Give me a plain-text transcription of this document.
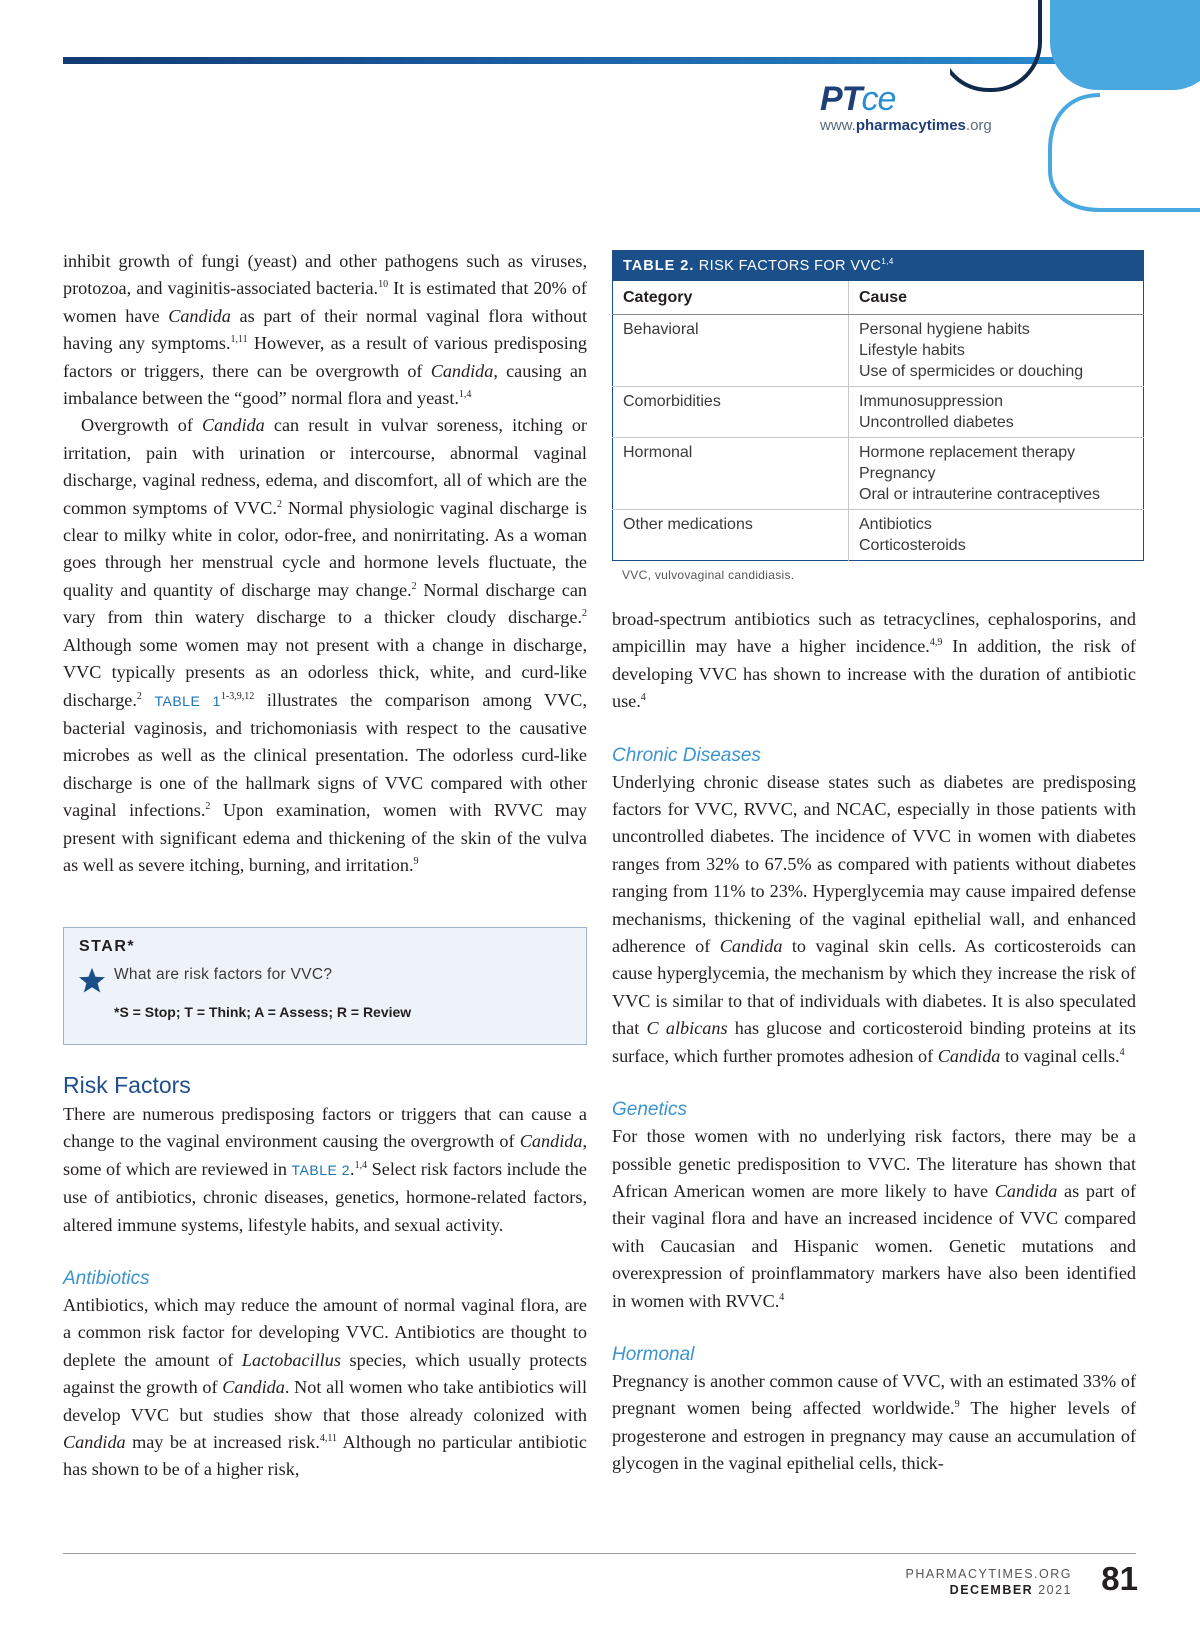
PTce
www.pharmacytimes.org

inhibit growth of fungi (yeast) and other pathogens such as viruses, protozoa, and vaginitis-associated bacteria.$^{10}$ It is estimated that 20% of women have Candida as part of their normal vaginal flora without having any symptoms.$^{1,11}$ However, as a result of various predisposing factors or triggers, there can be overgrowth of Candida, causing an imbalance between the “good” normal flora and yeast.$^{1,4}$

Overgrowth of Candida can result in vulvar soreness, itching or irritation, pain with urination or intercourse, abnormal vaginal discharge, vaginal redness, edema, and discomfort, all of which are the common symptoms of VVC.$^2$ Normal physiologic vaginal discharge is clear to milky white in color, odor-free, and nonirritating. As a woman goes through her menstrual cycle and hormone levels fluctuate, the quality and quantity of discharge may change.$^2$ Normal discharge can vary from thin watery discharge to a thicker cloudy discharge.$^2$ Although some women may not present with a change in discharge, VVC typically presents as an odorless thick, white, and curd-like discharge.$^2$ TABLE 1$^{1-3,9,12}$ illustrates the comparison among VVC, bacterial vaginosis, and trichomoniasis with respect to the causative microbes as well as the clinical presentation. The odorless curd-like discharge is one of the hallmark signs of VVC compared with other vaginal infections.$^2$ Upon examination, women with RVVC may present with significant edema and thickening of the skin of the vulva as well as severe itching, burning, and irritation.$^9$

STAR*
What are risk factors for VVC?
*S = Stop; T = Think; A = Assess; R = Review
Risk Factors

There are numerous predisposing factors or triggers that can cause a change to the vaginal environment causing the overgrowth of Candida, some of which are reviewed in TABLE 2.$^{1,4}$ Select risk factors include the use of antibiotics, chronic diseases, genetics, hormone-related factors, altered immune systems, lifestyle habits, and sexual activity.

Antibiotics

Antibiotics, which may reduce the amount of normal vaginal flora, are a common risk factor for developing VVC. Antibiotics are thought to deplete the amount of Lactobacillus species, which usually protects against the growth of Candida. Not all women who take antibiotics will develop VVC but studies show that those already colonized with Candida may be at increased risk.$^{4,11}$ Although no particular antibiotic has shown to be of a higher risk,

TABLE 2. RISK FACTORS FOR VVC$^{1,4}$
Category	Cause
Behavioral	Personal hygiene habits
Lifestyle habits
Use of spermicides or douching

Comorbidities	Immunosuppression
Uncontrolled diabetes

Hormonal	Hormone replacement therapy
Pregnancy
Oral or intrauterine contraceptives

Other medications	Antibiotics
Corticosteroids
VVC, vulvovaginal candidiasis.

broad-spectrum antibiotics such as tetracyclines, cephalosporins, and ampicillin may have a higher incidence.$^{4,9}$ In addition, the risk of developing VVC has shown to increase with the duration of antibiotic use.$^4$

Chronic Diseases

Underlying chronic disease states such as diabetes are predisposing factors for VVC, RVVC, and NCAC, especially in those patients with uncontrolled diabetes. The incidence of VVC in women with diabetes ranges from 32% to 67.5% as compared with patients without diabetes ranging from 11% to 23%. Hyperglycemia may cause impaired defense mechanisms, thickening of the vaginal epithelial wall, and enhanced adherence of Candida to vaginal skin cells. As corticosteroids can cause hyperglycemia, the mechanism by which they increase the risk of VVC is similar to that of individuals with diabetes. It is also speculated that C albicans has glucose and corticosteroid binding proteins at its surface, which further promotes adhesion of Candida to vaginal cells.$^4$

Genetics

For those women with no underlying risk factors, there may be a possible genetic predisposition to VVC. The literature has shown that African American women are more likely to have Candida as part of their vaginal flora and have an increased incidence of VVC compared with Caucasian and Hispanic women. Genetic mutations and overexpression of proinflammatory markers have also been identified in women with RVVC.$^4$

Hormonal

Pregnancy is another common cause of VVC, with an estimated 33% of pregnant women being affected worldwide.$^9$ The higher levels of progesterone and estrogen in pregnancy may cause an accumulation of glycogen in the vaginal epithelial cells, thick-

PHARMACYTIMES.ORG
DECEMBER 2021 81
